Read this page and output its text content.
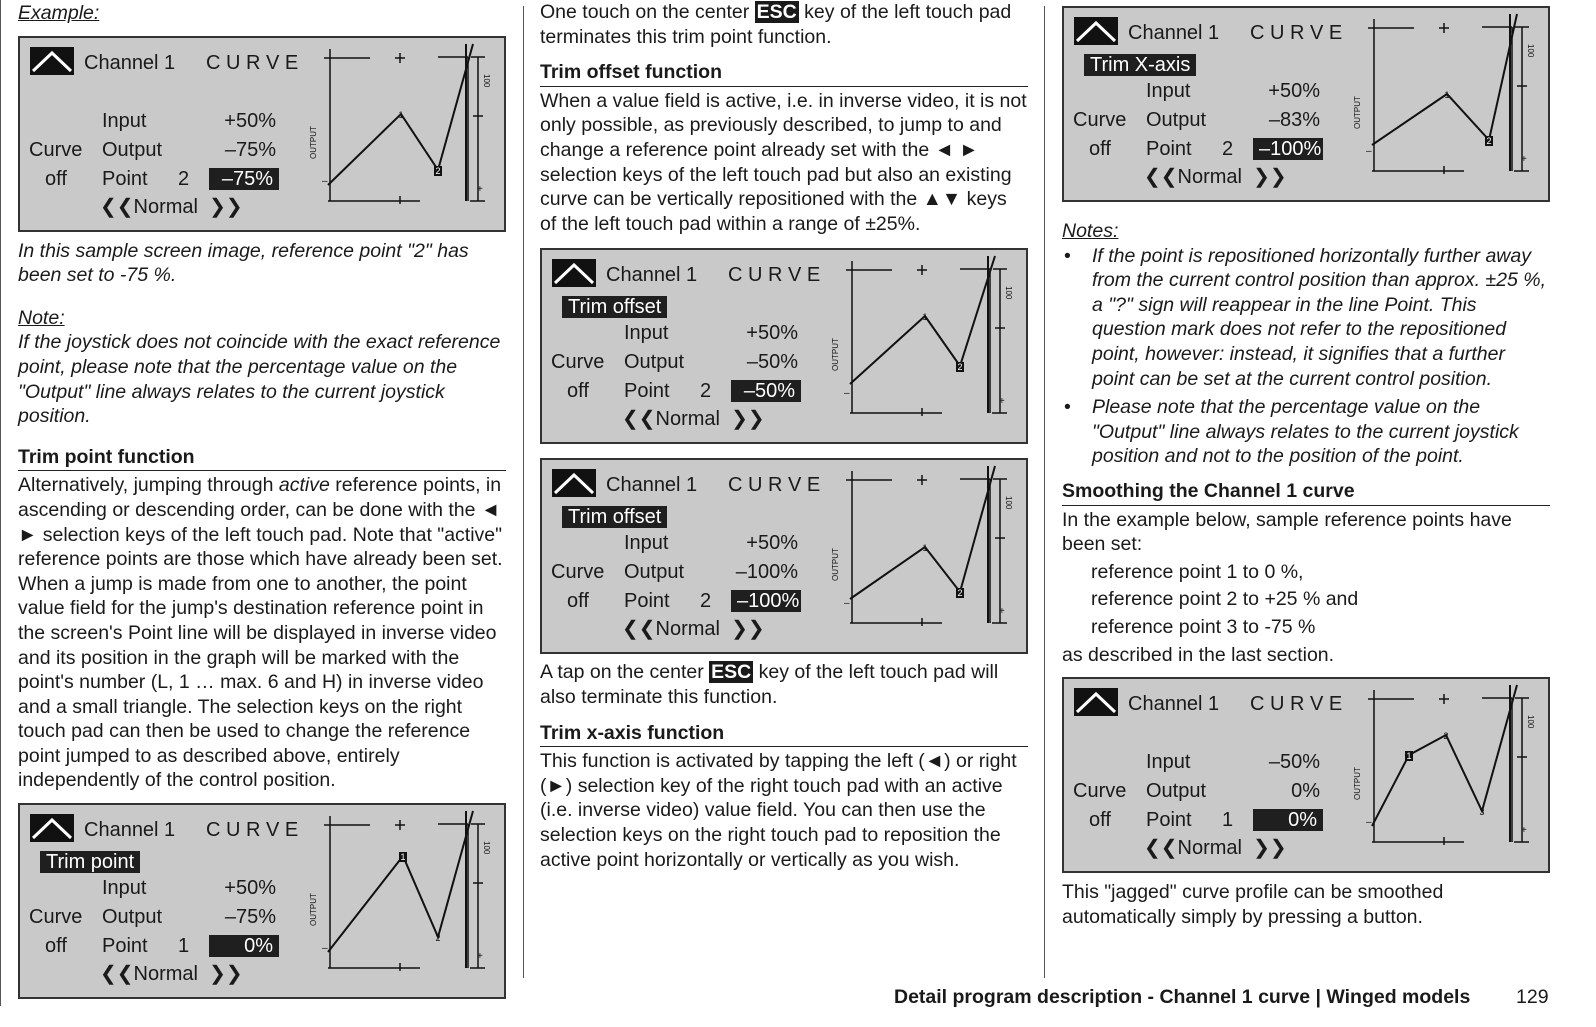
Example:

Channel 1 C U R V E
Input	+50%
Curve Output	–75%
off Point 2	–75%
❮❮Normal ❯❯
OUTPUT
100
–
+
1
2

In this sample screen image, reference point "2" has been set to -75 %.

Note:

If the joystick does not coincide with the exact reference point, please note that the percentage value on the "Output" line always relates to the current joystick position.

Trim point function

Alternatively, jumping through active reference points, in ascending or descending order, can be done with the ◄ ► selection keys of the left touch pad. Note that "active" reference points are those which have already been set. When a jump is made from one to another, the point value field for the jump's destination reference point in the screen's Point line will be displayed in inverse video and its position in the graph will be marked with the point's number (L, 1 … max. 6 and H) in inverse video and a small triangle. The selection keys on the right touch pad can then be used to change the reference point jumped to as described above, entirely independently of the control position.

Channel 1 C U R V E
Trim point
Input	+50%
Curve Output	–75%
off Point 1	0%
❮❮Normal ❯❯
OUTPUT
100
–
+
1
2

One touch on the center ESC key of the left touch pad terminates this trim point function.

Trim offset function

When a value field is active, i.e. in inverse video, it is not only possible, as previously described, to jump to and change a reference point already set with the ◄ ► selection keys of the left touch pad but also an existing curve can be vertically repositioned with the ▲▼ keys of the left touch pad within a range of ±25%.

Channel 1 C U R V E
Trim offset
Input	+50%
Curve Output	–50%
off Point 2	–50%
❮❮Normal ❯❯
OUTPUT
100
–
+
1
2
Channel 1 C U R V E
Trim offset
Input	+50%
Curve Output	–100%
off Point 2	–100%
❮❮Normal ❯❯
OUTPUT
100
–
+
1
2

A tap on the center ESC key of the left touch pad will also terminate this function.

Trim x-axis function

This function is activated by tapping the left (◄) or right (►) selection key of the right touch pad with an active (i.e. inverse video) value field. You can then use the selection keys on the right touch pad to reposition the active point horizontally or vertically as you wish.

Channel 1 C U R V E
Trim X-axis
Input	+50%
Curve Output	–83%
off Point 2	–100%
❮❮Normal ❯❯
OUTPUT
100
–
+
1
2

Notes:

• If the point is repositioned horizontally further away from the current control position than approx. ±25 %, a "?" sign will reappear in the line Point. This question mark does not refer to the repositioned point, however: instead, it signifies that a further point can be set at the current control position.
• Please note that the percentage value on the "Output" line always relates to the current joystick position and not to the position of the point.

Smoothing the Channel 1 curve

In the example below, sample reference points have been set:

reference point 1 to 0 %,

reference point 2 to +25 % and

reference point 3 to -75 %

as described in the last section.

Channel 1 C U R V E
Input	–50%
Curve Output	0%
off Point 1	0%
❮❮Normal ❯❯
OUTPUT
100
–
+
1
2
3

This "jagged" curve profile can be smoothed automatically simply by pressing a button.

Detail program description - Channel 1 curve | Winged models 129
